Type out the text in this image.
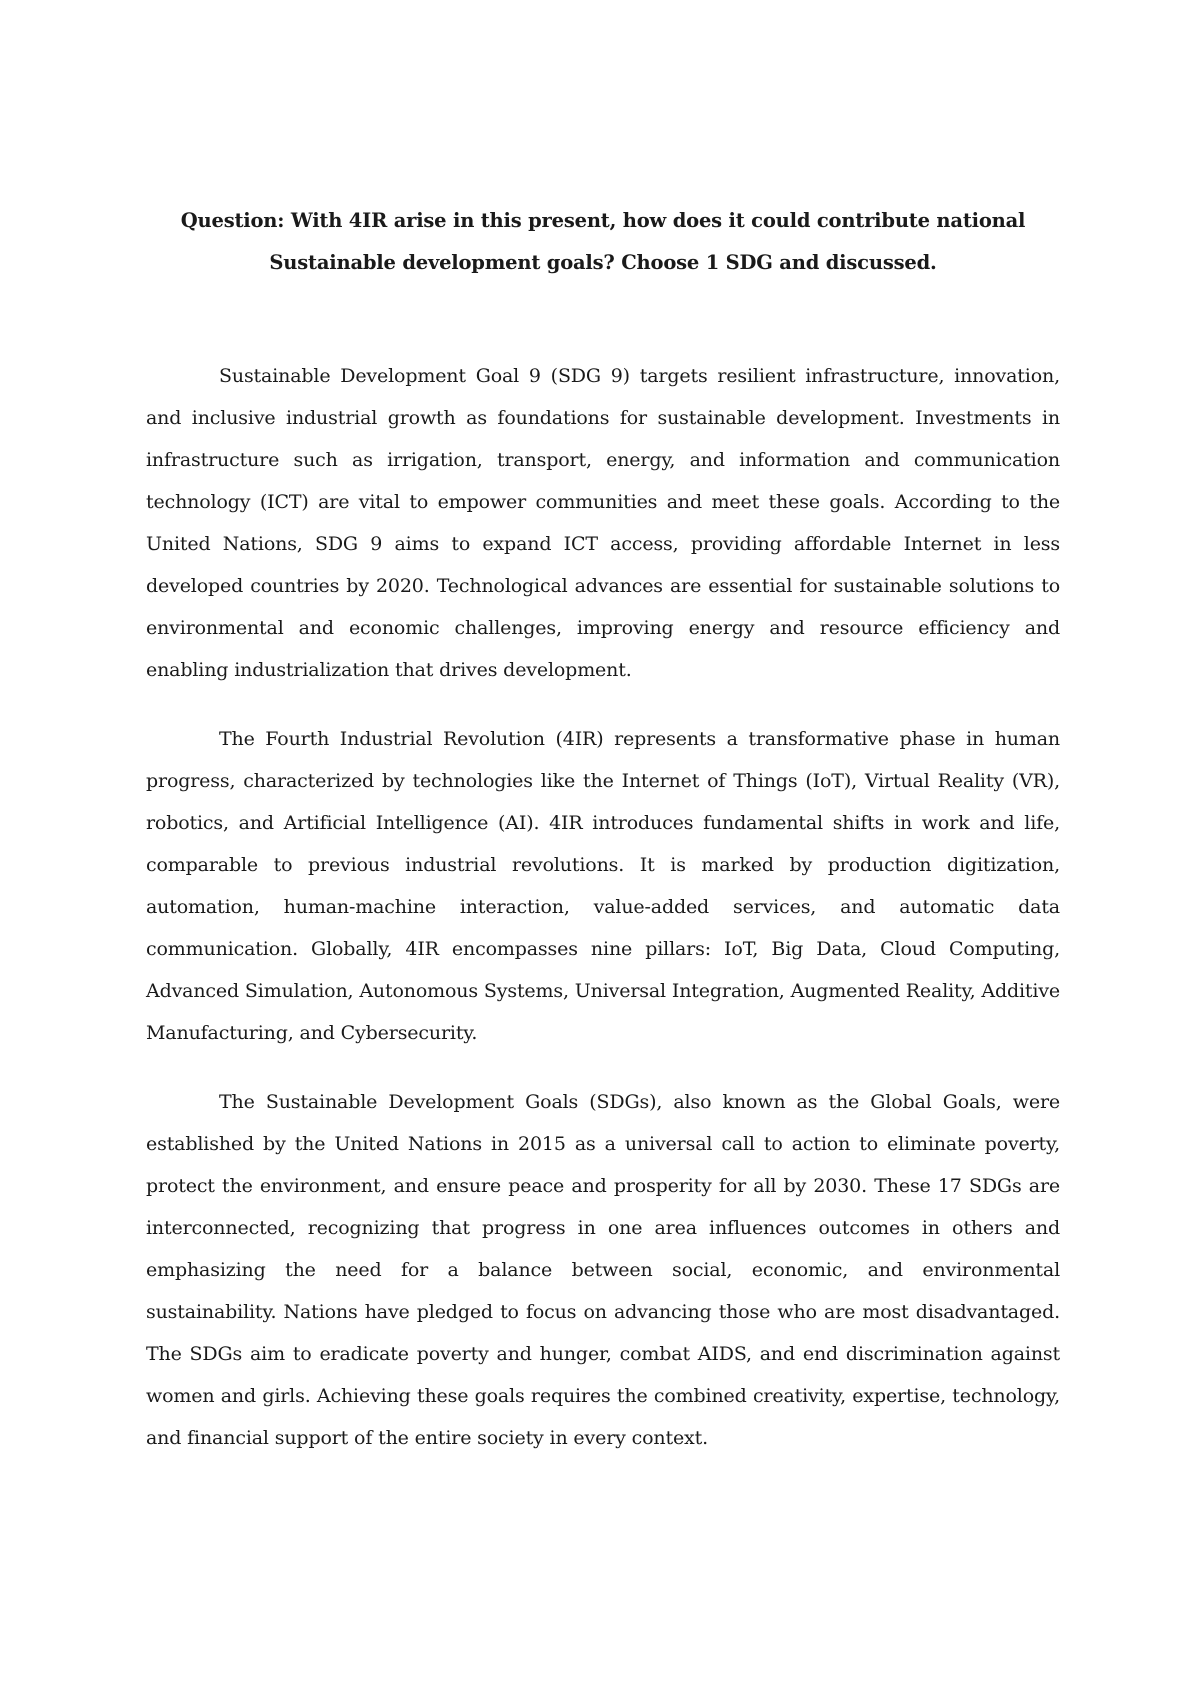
Question: With 4IR arise in this present, how does it could contribute national
Sustainable development goals? Choose 1 SDG and discussed.

Sustainable Development Goal 9 (SDG 9) targets resilient infrastructure, innovation, and inclusive industrial growth as foundations for sustainable development. Investments in infrastructure such as irrigation, transport, energy, and information and communication technology (ICT) are vital to empower communities and meet these goals. According to the United Nations, SDG 9 aims to expand ICT access, providing affordable Internet in less developed countries by 2020. Technological advances are essential for sustainable solutions to environmental and economic challenges, improving energy and resource efficiency and enabling industrialization that drives development.

The Fourth Industrial Revolution (4IR) represents a transformative phase in human progress, characterized by technologies like the Internet of Things (IoT), Virtual Reality (VR), robotics, and Artificial Intelligence (AI). 4IR introduces fundamental shifts in work and life, comparable to previous industrial revolutions. It is marked by production digitization, automation, human-machine interaction, value-added services, and automatic data communication. Globally, 4IR encompasses nine pillars: IoT, Big Data, Cloud Computing, Advanced Simulation, Autonomous Systems, Universal Integration, Augmented Reality, Additive Manufacturing, and Cybersecurity.

The Sustainable Development Goals (SDGs), also known as the Global Goals, were established by the United Nations in 2015 as a universal call to action to eliminate poverty, protect the environment, and ensure peace and prosperity for all by 2030. These 17 SDGs are interconnected, recognizing that progress in one area influences outcomes in others and emphasizing the need for a balance between social, economic, and environmental sustainability. Nations have pledged to focus on advancing those who are most disadvantaged. The SDGs aim to eradicate poverty and hunger, combat AIDS, and end discrimination against women and girls. Achieving these goals requires the combined creativity, expertise, technology, and financial support of the entire society in every context.
